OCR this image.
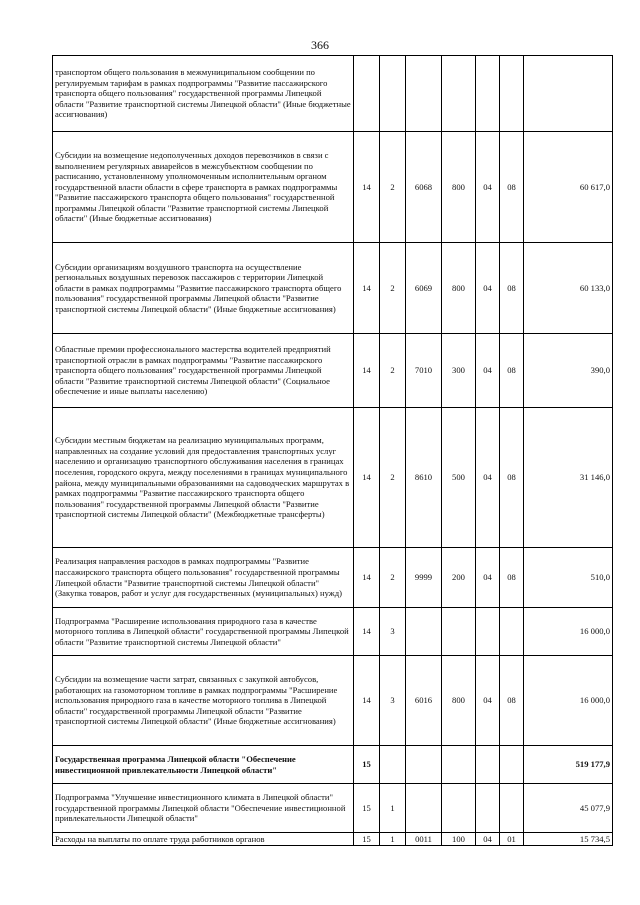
366
транспортом общего пользования в межмуниципальном сообщении по регулируемым тарифам в рамках подпрограммы "Развитие пассажирского транспорта общего пользования" государственной программы Липецкой области "Развитие транспортной системы Липецкой области" (Иные бюджетные ассигнования)							
Субсидии на возмещение недополученных доходов перевозчиков в связи с выполнением регулярных авиарейсов в межсубъектном сообщении по расписанию, установленному уполномоченным исполнительным органом государственной власти области в сфере транспорта в рамках подпрограммы "Развитие пассажирского транспорта общего пользования" государственной программы Липецкой области "Развитие транспортной системы Липецкой области" (Иные бюджетные ассигнования)	14	2	6068	800	04	08	60 617,0
Субсидии организациям воздушного транспорта на осуществление региональных воздушных перевозок пассажиров с территории Липецкой области в рамках подпрограммы "Развитие пассажирского транспорта общего пользования" государственной программы Липецкой области "Развитие транспортной системы Липецкой области" (Иные бюджетные ассигнования)	14	2	6069	800	04	08	60 133,0
Областные премии профессионального мастерства водителей предприятий транспортной отрасли в рамках подпрограммы "Развитие пассажирского транспорта общего пользования" государственной программы Липецкой области "Развитие транспортной системы Липецкой области" (Социальное обеспечение и иные выплаты населению)	14	2	7010	300	04	08	390,0
Субсидии местным бюджетам на реализацию муниципальных программ, направленных на создание условий для предоставления транспортных услуг населению и организацию транспортного обслуживания населения в границах поселения, городского округа, между поселениями в границах муниципального района, между муниципальными образованиями на садоводческих маршрутах в рамках подпрограммы "Развитие пассажирского транспорта общего пользования" государственной программы Липецкой области "Развитие транспортной системы Липецкой области" (Межбюджетные трансферты)	14	2	8610	500	04	08	31 146,0
Реализация направления расходов в рамках подпрограммы "Развитие пассажирского транспорта общего пользования" государственной программы Липецкой области "Развитие транспортной системы Липецкой области" (Закупка товаров, работ и услуг для государственных (муниципальных) нужд)	14	2	9999	200	04	08	510,0
Подпрограмма "Расширение использования природного газа в качестве моторного топлива в Липецкой области" государственной программы Липецкой области "Развитие транспортной системы Липецкой области"	14	3					16 000,0
Субсидии на возмещение части затрат, связанных с закупкой автобусов, работающих на газомоторном топливе в рамках подпрограммы "Расширение использования природного газа в качестве моторного топлива в Липецкой области" государственной программы Липецкой области "Развитие транспортной системы Липецкой области" (Иные бюджетные ассигнования)	14	3	6016	800	04	08	16 000,0
Государственная программа Липецкой области "Обеспечение инвестиционной привлекательности Липецкой области"	15						519 177,9
Подпрограмма "Улучшение инвестиционного климата в Липецкой области" государственной программы Липецкой области "Обеспечение инвестиционной привлекательности Липецкой области"	15	1					45 077,9
Расходы на выплаты по оплате труда работников органов	15	1	0011	100	04	01	15 734,5
